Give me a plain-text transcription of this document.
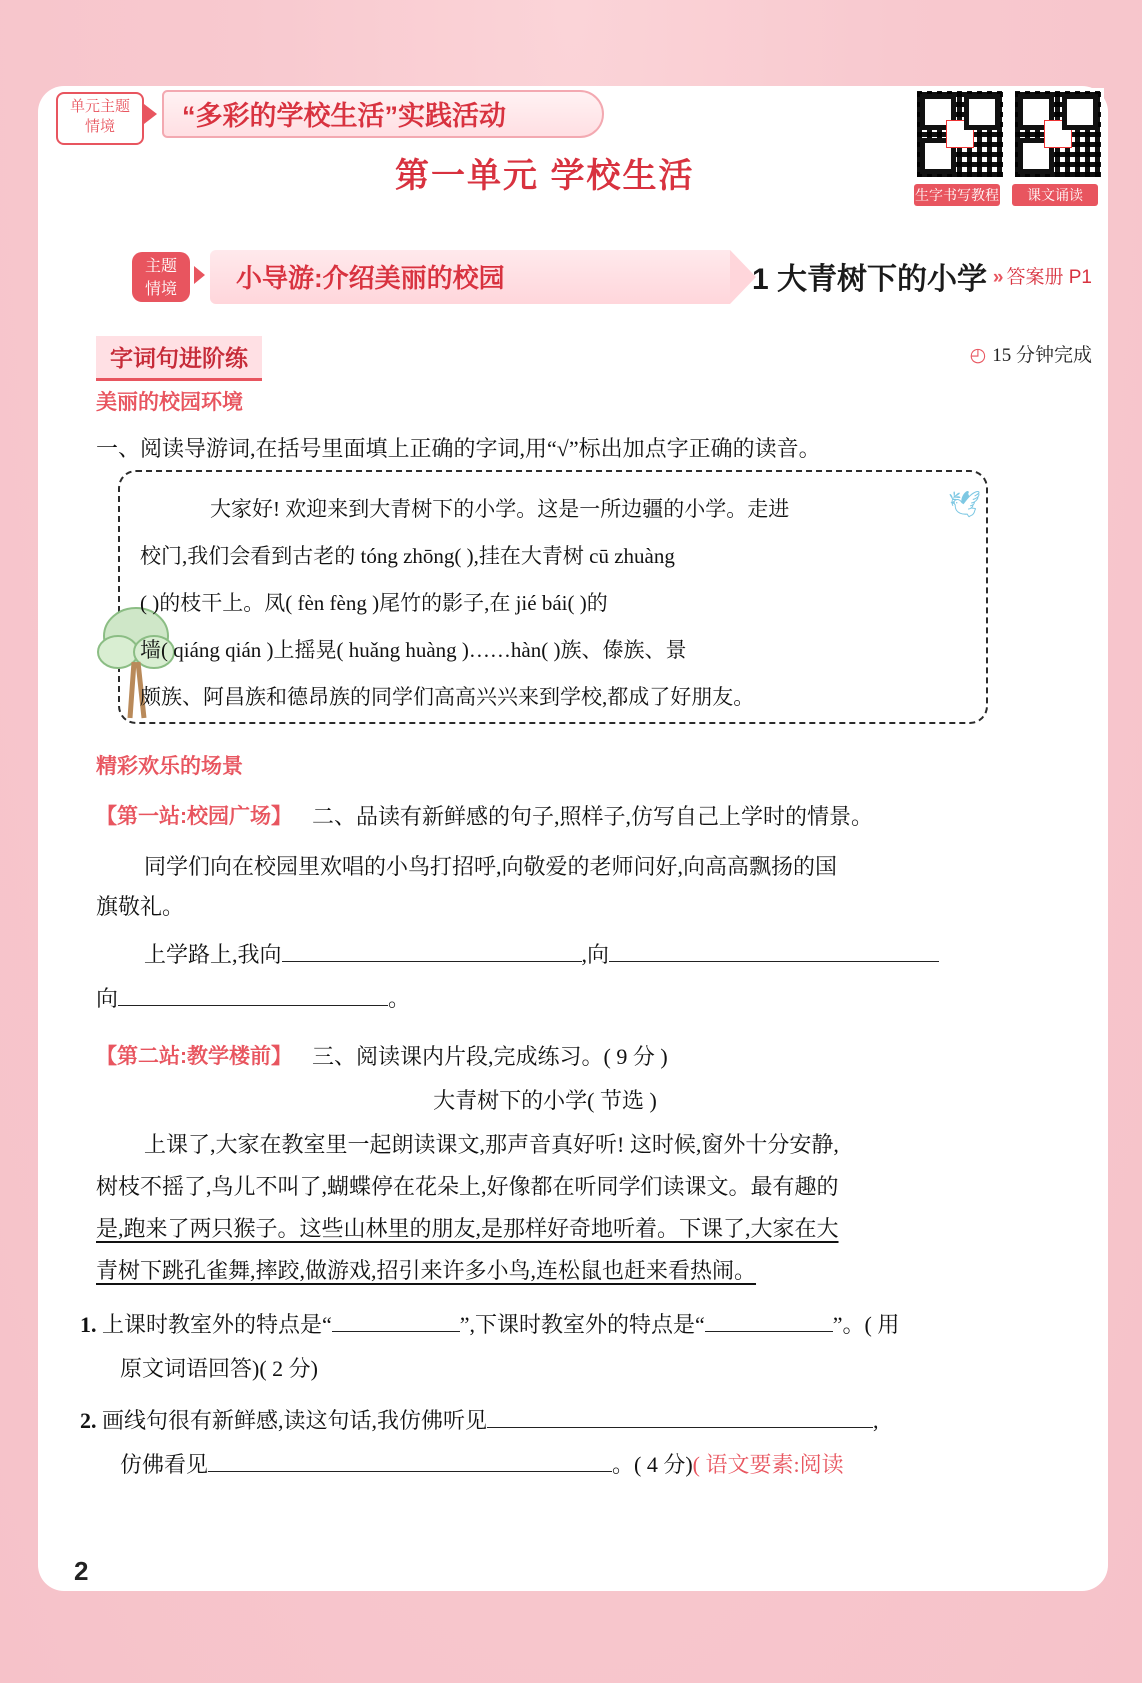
单元主题
情境	“多彩的学校生活”实践活动
第一单元 学校生活	生字书写教程	课文诵读
主题
情境	小导游:介绍美丽的校园	1 大青树下的小学 » 答案册 P1
字词句进阶练	◴ 15 分钟完成
美丽的校园环境
一、阅读导游词,在括号里面填上正确的字词,用“√”标出加点字正确的读音。
🕊
大家好! 欢迎来到大青树下的小学。这是一所边疆的小学。走进
校门,我们会看到古老的 tóng zhōng( ),挂在大青树 cū zhuàng
( )的枝干上。凤( fèn fèng )尾竹的影子,在 jié bái( )的
墙( qiáng qián )上摇晃( huǎng huàng )……hàn( )族、傣族、景
颇族、阿昌族和德昂族的同学们高高兴兴来到学校,都成了好朋友。
精彩欢乐的场景
【第一站:校园广场】 二、品读有新鲜感的句子,照样子,仿写自己上学时的情景。
同学们向在校园里欢唱的小鸟打招呼,向敬爱的老师问好,向高高飘扬的国
旗敬礼。
上学路上,我向	,向
向	。
【第二站:教学楼前】 三、阅读课内片段,完成练习。( 9 分 )
大青树下的小学( 节选 )
上课了,大家在教室里一起朗读课文,那声音真好听! 这时候,窗外十分安静,
树枝不摇了,鸟儿不叫了,蝴蝶停在花朵上,好像都在听同学们读课文。最有趣的
是,跑来了两只猴子。这些山林里的朋友,是那样好奇地听着。下课了,大家在大
青树下跳孔雀舞,摔跤,做游戏,招引来许多小鸟,连松鼠也赶来看热闹。
1. 上课时教室外的特点是“	”,下课时教室外的特点是“	”。( 用
原文词语回答)( 2 分)
2. 画线句很有新鲜感,读这句话,我仿佛听见	,
仿佛看见	。( 4 分)( 语文要素:阅读
2
